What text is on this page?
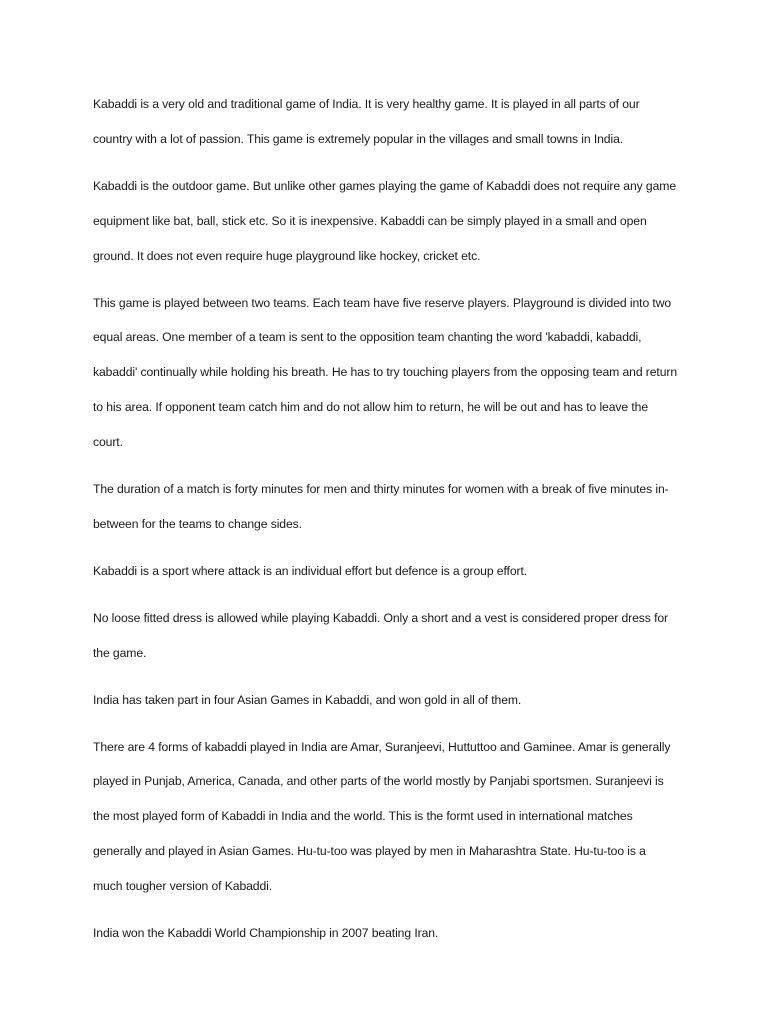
Kabaddi is a very old and traditional game of India. It is very healthy game. It is played in all parts of our country with a lot of passion. This game is extremely popular in the villages and small towns in India.

Kabaddi is the outdoor game. But unlike other games playing the game of Kabaddi does not require any game equipment like bat, ball, stick etc. So it is inexpensive. Kabaddi can be simply played in a small and open ground. It does not even require huge playground like hockey, cricket etc.

This game is played between two teams. Each team have five reserve players. Playground is divided into two equal areas. One member of a team is sent to the opposition team chanting the word 'kabaddi, kabaddi, kabaddi' continually while holding his breath. He has to try touching players from the opposing team and return to his area. If opponent team catch him and do not allow him to return, he will be out and has to leave the court.

The duration of a match is forty minutes for men and thirty minutes for women with a break of five minutes in-between for the teams to change sides.

Kabaddi is a sport where attack is an individual effort but defence is a group effort.

No loose fitted dress is allowed while playing Kabaddi. Only a short and a vest is considered proper dress for the game.

India has taken part in four Asian Games in Kabaddi, and won gold in all of them.

There are 4 forms of kabaddi played in India are Amar, Suranjeevi, Huttuttoo and Gaminee. Amar is generally played in Punjab, America, Canada, and other parts of the world mostly by Panjabi sportsmen. Suranjeevi is the most played form of Kabaddi in India and the world. This is the formt used in international matches generally and played in Asian Games. Hu-tu-too was played by men in Maharashtra State. Hu-tu-too is a much tougher version of Kabaddi.

India won the Kabaddi World Championship in 2007 beating Iran.
